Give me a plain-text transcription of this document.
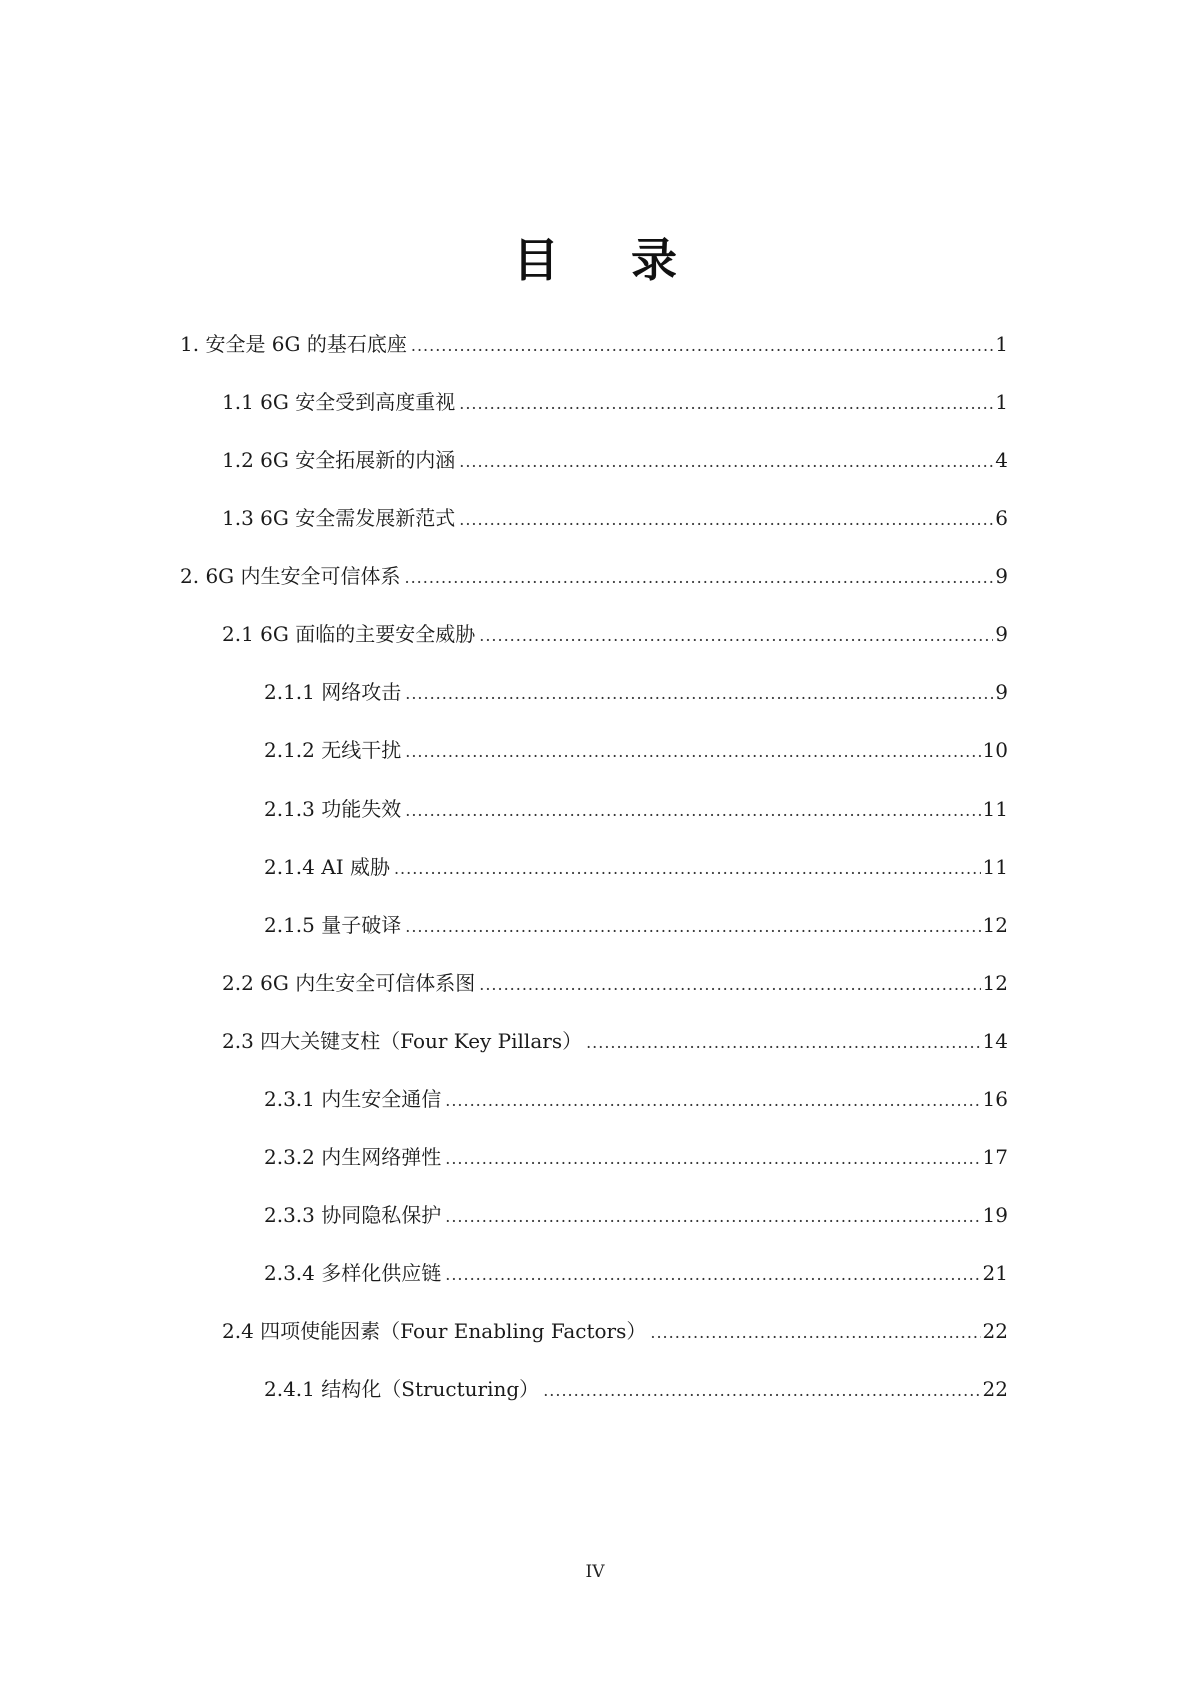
目 录
1. 安全是 6G 的基石底座 .....	1
1.1 6G 安全受到高度重视 .....	1
1.2 6G 安全拓展新的内涵 .....	4
1.3 6G 安全需发展新范式 .....	6
2. 6G 内生安全可信体系 .....	9
2.1 6G 面临的主要安全威胁 .....	9
2.1.1 网络攻击 .....	9
2.1.2 无线干扰 .....	10
2.1.3 功能失效 .....	11
2.1.4 AI 威胁 .....	11
2.1.5 量子破译 .....	12
2.2 6G 内生安全可信体系图 .....	12
2.3 四大关键支柱（Four Key Pillars） .....	14
2.3.1 内生安全通信 .....	16
2.3.2 内生网络弹性 .....	17
2.3.3 协同隐私保护 .....	19
2.3.4 多样化供应链 .....	21
2.4 四项使能因素（Four Enabling Factors） .....	22
2.4.1 结构化（Structuring） .....	22
IV
